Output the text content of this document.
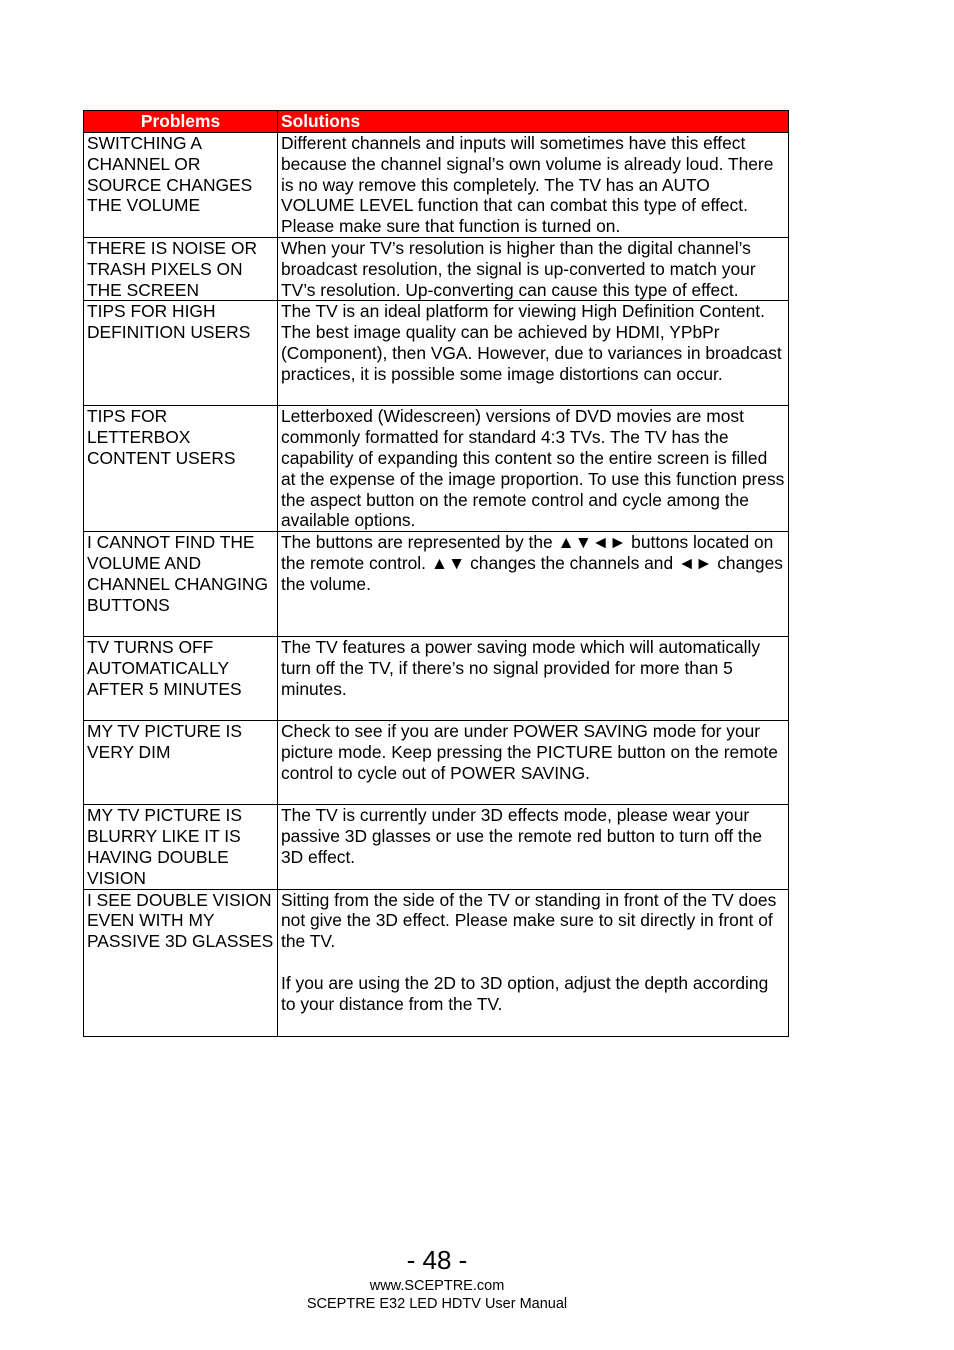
Problems	Solutions
SWITCHING A CHANNEL OR SOURCE CHANGES THE VOLUME	Different channels and inputs will sometimes have this effect because the channel signal’s own volume is already loud. There is no way remove this completely. The TV has an AUTO VOLUME LEVEL function that can combat this type of effect. Please make sure that function is turned on.

THERE IS NOISE OR TRASH PIXELS ON THE SCREEN	When your TV’s resolution is higher than the digital channel’s broadcast resolution, the signal is up-converted to match your TV’s resolution. Up-converting can cause this type of effect.

TIPS FOR HIGH DEFINITION USERS	The TV is an ideal platform for viewing High Definition Content. The best image quality can be achieved by HDMI, YPbPr (Component), then VGA. However, due to variances in broadcast practices, it is possible some image distortions can occur.

TIPS FOR LETTERBOX CONTENT USERS	Letterboxed (Widescreen) versions of DVD movies are most commonly formatted for standard 4:3 TVs. The TV has the capability of expanding this content so the entire screen is filled at the expense of the image proportion. To use this function press the aspect button on the remote control and cycle among the available options.

I CANNOT FIND THE VOLUME AND CHANNEL CHANGING BUTTONS	The buttons are represented by the ▲▼◄► buttons located on the remote control. ▲▼ changes the channels and ◄► changes the volume.

TV TURNS OFF AUTOMATICALLY AFTER 5 MINUTES	The TV features a power saving mode which will automatically turn off the TV, if there’s no signal provided for more than 5 minutes.

MY TV PICTURE IS VERY DIM	Check to see if you are under POWER SAVING mode for your picture mode. Keep pressing the PICTURE button on the remote control to cycle out of POWER SAVING.

MY TV PICTURE IS BLURRY LIKE IT IS HAVING DOUBLE VISION	The TV is currently under 3D effects mode, please wear your passive 3D glasses or use the remote red button to turn off the 3D effect.

I SEE DOUBLE VISION EVEN WITH MY PASSIVE 3D GLASSES	Sitting from the side of the TV or standing in front of the TV does not give the 3D effect. Please make sure to sit directly in front of the TV.

If you are using the 2D to 3D option, adjust the depth according to your distance from the TV.

- 48 -
www.SCEPTRE.com
SCEPTRE E32 LED HDTV User Manual
